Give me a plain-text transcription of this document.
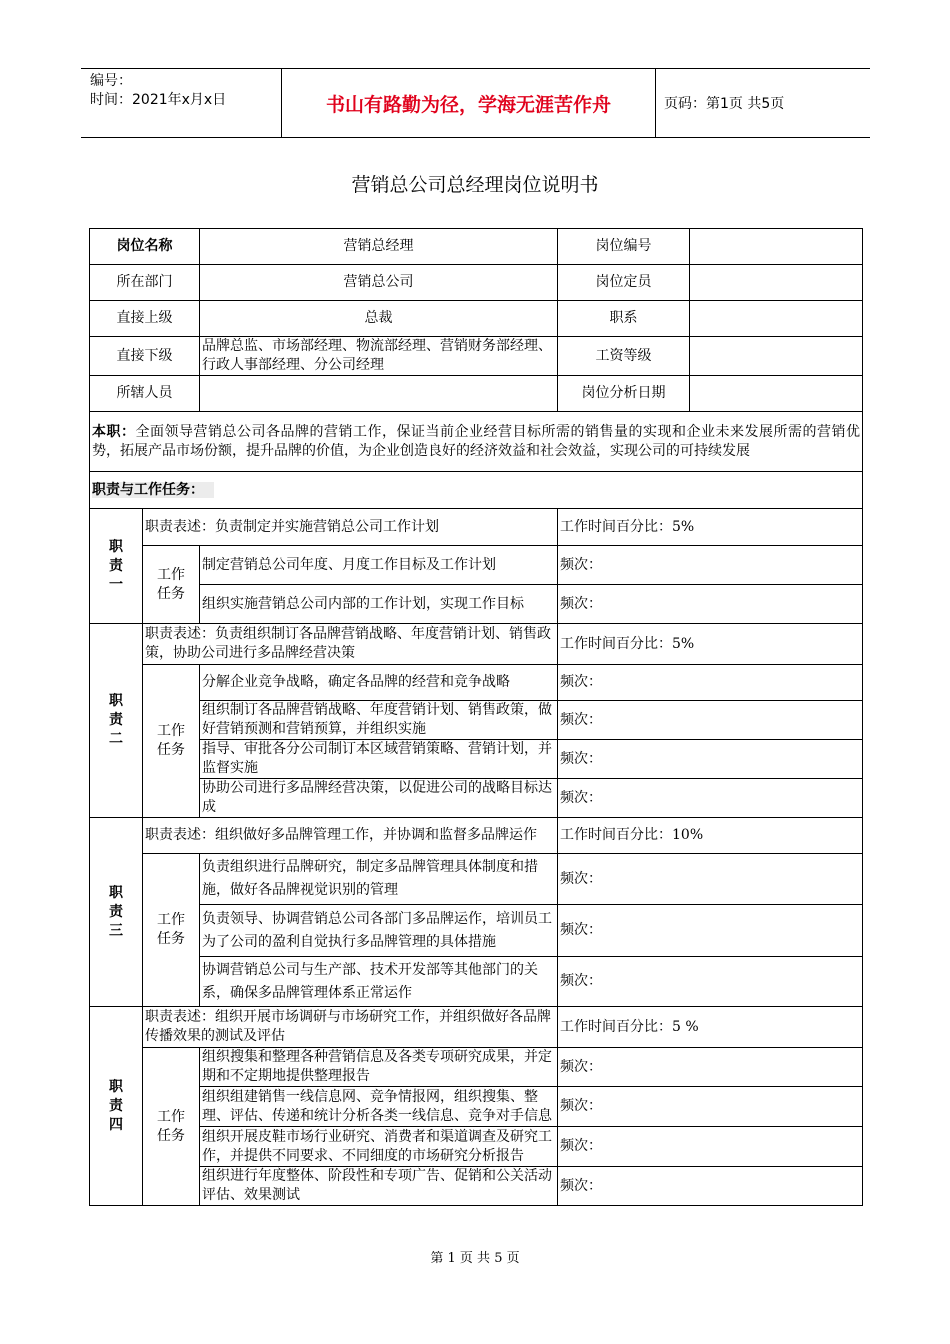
编号：
时间：2021年x月x日	书山有路勤为径，学海无涯苦作舟	页码：第1页 共5页
营销总公司总经理岗位说明书
岗位名称		营销总经理	岗位编号	
所在部门		营销总公司	岗位定员	
直接上级		总裁	职系	
直接下级		品牌总监、市场部经理、物流部经理、营销财务部经理、行政人事部经理、分公司经理	工资等级	
所辖人员			岗位分析日期	
本职：全面领导营销总公司各品牌的营销工作，保证当前企业经营目标所需的销售量的实现和企业未来发展所需的营销优势，拓展产品市场份额，提升品牌的价值，为企业创造良好的经济效益和社会效益，实现公司的可持续发展				
职责与工作任务：				
职责一	职责表述：负责制定并实施营销总公司工作计划		工作时间百分比：5%	
	工作任务	制定营销总公司年度、月度工作目标及工作计划	频次：	
		组织实施营销总公司内部的工作计划，实现工作目标	频次：	
职责二	职责表述：负责组织制订各品牌营销战略、年度营销计划、销售政策，协助公司进行多品牌经营决策		工作时间百分比：5%	
	工作任务	分解企业竞争战略，确定各品牌的经营和竞争战略	频次：	
		组织制订各品牌营销战略、年度营销计划、销售政策，做好营销预测和营销预算，并组织实施	频次：	
		指导、审批各分公司制订本区域营销策略、营销计划，并监督实施	频次：	
		协助公司进行多品牌经营决策，以促进公司的战略目标达成	频次：	
职责三	职责表述：组织做好多品牌管理工作，并协调和监督多品牌运作		工作时间百分比：10%	
	工作任务	负责组织进行品牌研究，制定多品牌管理具体制度和措施，做好各品牌视觉识别的管理	频次：	
		负责领导、协调营销总公司各部门多品牌运作，培训员工为了公司的盈利自觉执行多品牌管理的具体措施	频次：	
		协调营销总公司与生产部、技术开发部等其他部门的关系，确保多品牌管理体系正常运作	频次：	
职责四	职责表述：组织开展市场调研与市场研究工作，并组织做好各品牌传播效果的测试及评估		工作时间百分比：5 %	
	工作任务	组织搜集和整理各种营销信息及各类专项研究成果，并定期和不定期地提供整理报告	频次：	
		组织组建销售一线信息网、竞争情报网，组织搜集、整理、评估、传递和统计分析各类一线信息、竞争对手信息	频次：	
		组织开展皮鞋市场行业研究、消费者和渠道调查及研究工作，并提供不同要求、不同细度的市场研究分析报告	频次：	
		组织进行年度整体、阶段性和专项广告、促销和公关活动评估、效果测试	频次：	
第 1 页 共 5 页
